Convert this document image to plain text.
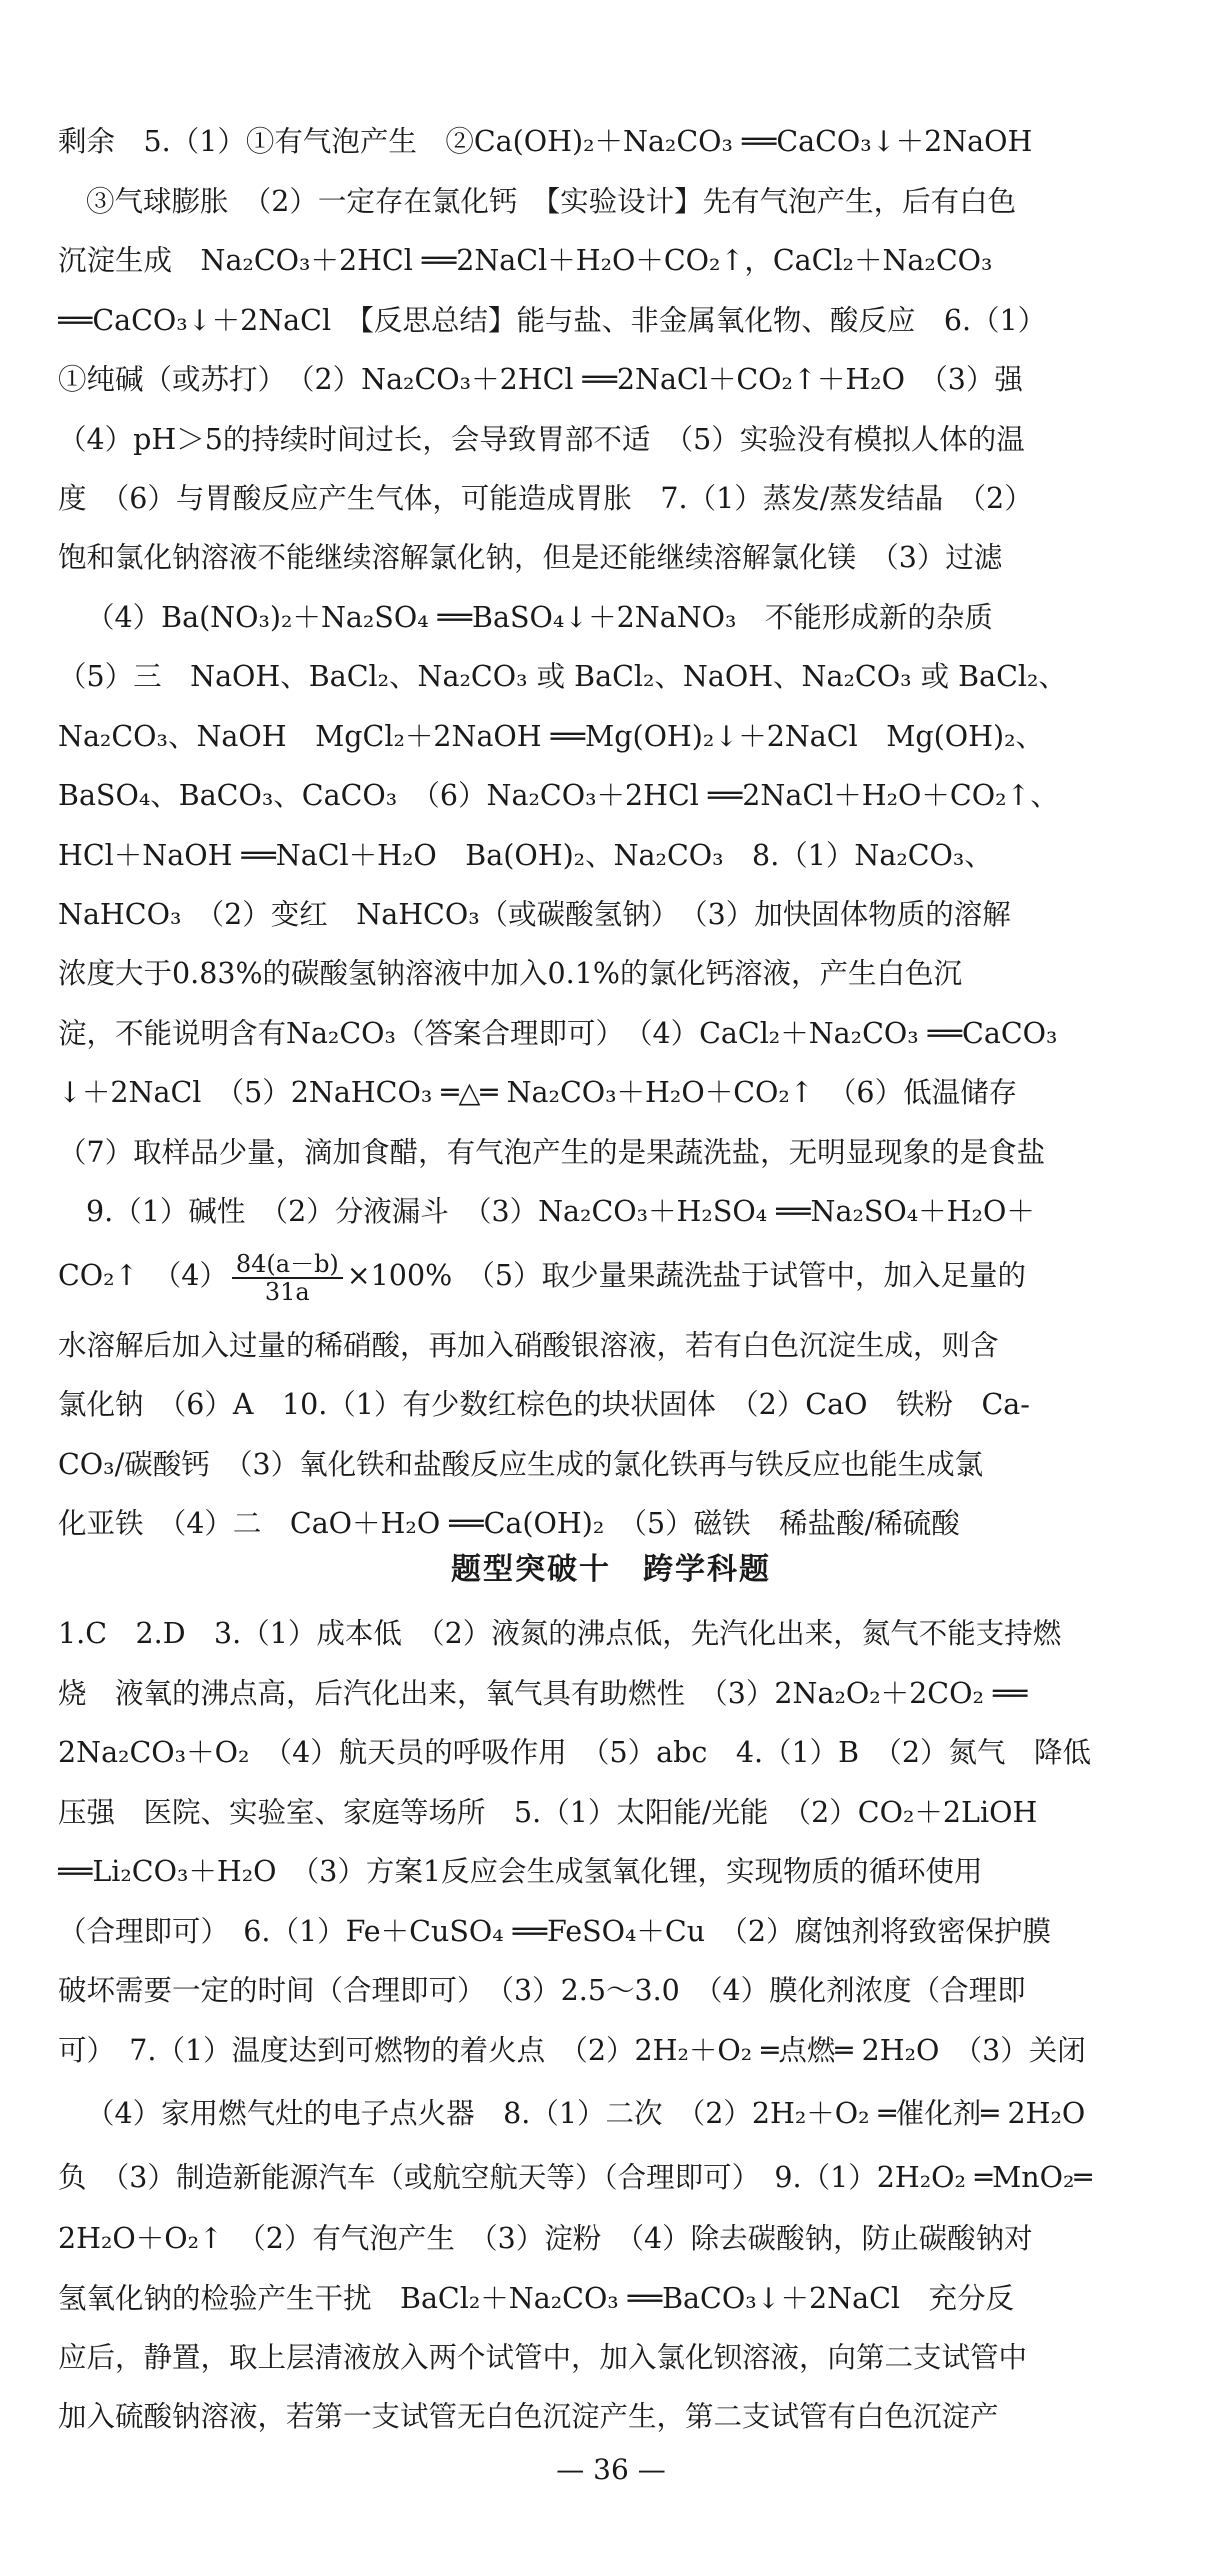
剩余　5.（1）①有气泡产生　②Ca(OH)₂＋Na₂CO₃ ══CaCO₃↓＋2NaOH
③气球膨胀　（2）一定存在氯化钙　【实验设计】先有气泡产生，后有白色
沉淀生成　Na₂CO₃＋2HCl ══2NaCl＋H₂O＋CO₂↑，CaCl₂＋Na₂CO₃
══CaCO₃↓＋2NaCl　【反思总结】能与盐、非金属氧化物、酸反应　6.（1）
①纯碱（或苏打）　（2）Na₂CO₃＋2HCl ══2NaCl＋CO₂↑＋H₂O　（3）强
（4）pH＞5的持续时间过长，会导致胃部不适　（5）实验没有模拟人体的温
度　（6）与胃酸反应产生气体，可能造成胃胀　7.（1）蒸发/蒸发结晶　（2）
饱和氯化钠溶液不能继续溶解氯化钠，但是还能继续溶解氯化镁　（3）过滤
（4）Ba(NO₃)₂＋Na₂SO₄ ══BaSO₄↓＋2NaNO₃　不能形成新的杂质
（5）三　NaOH、BaCl₂、Na₂CO₃ 或 BaCl₂、NaOH、Na₂CO₃ 或 BaCl₂、
Na₂CO₃、NaOH　MgCl₂＋2NaOH ══Mg(OH)₂↓＋2NaCl　Mg(OH)₂、
BaSO₄、BaCO₃、CaCO₃　（6）Na₂CO₃＋2HCl ══2NaCl＋H₂O＋CO₂↑、
HCl＋NaOH ══NaCl＋H₂O　Ba(OH)₂、Na₂CO₃　8.（1）Na₂CO₃、
NaHCO₃　（2）变红　NaHCO₃（或碳酸氢钠）　（3）加快固体物质的溶解
浓度大于0.83%的碳酸氢钠溶液中加入0.1%的氯化钙溶液，产生白色沉
淀，不能说明含有Na₂CO₃（答案合理即可）　（4）CaCl₂＋Na₂CO₃ ══CaCO₃
↓＋2NaCl　（5）2NaHCO₃ ═△═ Na₂CO₃＋H₂O＋CO₂↑　（6）低温储存
（7）取样品少量，滴加食醋，有气泡产生的是果蔬洗盐，无明显现象的是食盐
9.（1）碱性　（2）分液漏斗　（3）Na₂CO₃＋H₂SO₄ ══Na₂SO₄＋H₂O＋
CO₂↑　$(4) \frac{84(a-b)}{31a} \times 100\%$　（5）取少量果蔬洗盐于试管中，加入足量的
水溶解后加入过量的稀硝酸，再加入硝酸银溶液，若有白色沉淀生成，则含
氯化钠　（6）A　10.（1）有少数红棕色的块状固体　（2）CaO　铁粉　Ca-
CO₃/碳酸钙　（3）氧化铁和盐酸反应生成的氯化铁再与铁反应也能生成氯
化亚铁　（4）二　CaO＋H₂O ══Ca(OH)₂　（5）磁铁　稀盐酸/稀硫酸
题型突破十　跨学科题
1.C　2.D　3.（1）成本低　（2）液氮的沸点低，先汽化出来，氮气不能支持燃
烧　液氧的沸点高，后汽化出来，氧气具有助燃性　（3）2Na₂O₂＋2CO₂ ══
2Na₂CO₃＋O₂　（4）航天员的呼吸作用　（5）abc　4.（1）B　（2）氮气　降低
压强　医院、实验室、家庭等场所　5.（1）太阳能/光能　（2）CO₂＋2LiOH
══Li₂CO₃＋H₂O　（3）方案1反应会生成氢氧化锂，实现物质的循环使用
（合理即可）　6.（1）Fe＋CuSO₄ ══FeSO₄＋Cu　（2）腐蚀剂将致密保护膜
破坏需要一定的时间（合理即可）　（3）2.5～3.0　（4）膜化剂浓度（合理即
可）　7.（1）温度达到可燃物的着火点　（2）2H₂＋O₂ ═点燃═ 2H₂O　（3）关闭
（4）家用燃气灶的电子点火器　8.（1）二次　（2）2H₂＋O₂ ═催化剂═ 2H₂O
负　（3）制造新能源汽车（或航空航天等）（合理即可）　9.（1）2H₂O₂ ═MnO₂═
2H₂O＋O₂↑　（2）有气泡产生　（3）淀粉　（4）除去碳酸钠，防止碳酸钠对
氢氧化钠的检验产生干扰　BaCl₂＋Na₂CO₃ ══BaCO₃↓＋2NaCl　充分反
应后，静置，取上层清液放入两个试管中，加入氯化钡溶液，向第二支试管中
加入硫酸钠溶液，若第一支试管无白色沉淀产生，第二支试管有白色沉淀产
— 36 —
